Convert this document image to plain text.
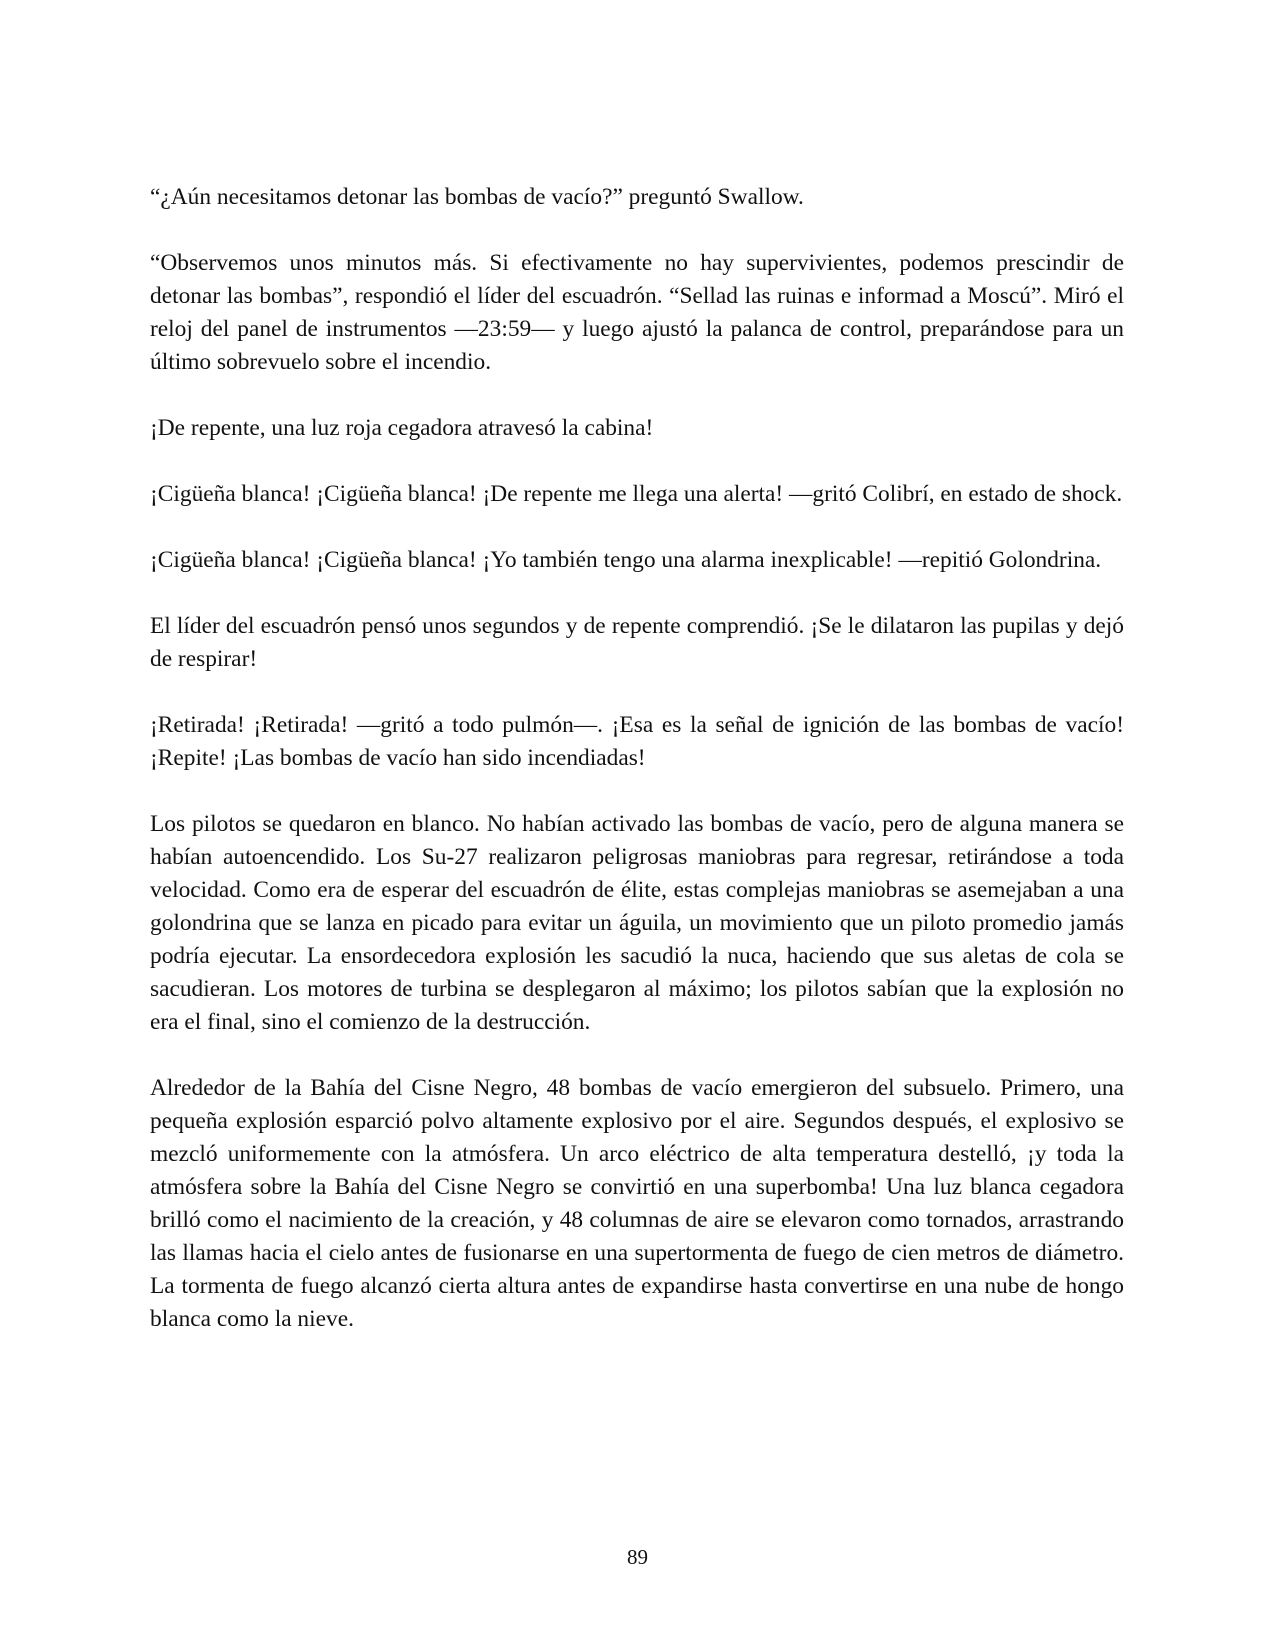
“¿Aún necesitamos detonar las bombas de vacío?” preguntó Swallow.

“Observemos unos minutos más. Si efectivamente no hay supervivientes, podemos prescindir de detonar las bombas”, respondió el líder del escuadrón. “Sellad las ruinas e informad a Moscú”. Miró el reloj del panel de instrumentos —23:59— y luego ajustó la palanca de control, preparándose para un último sobrevuelo sobre el incendio.

¡De repente, una luz roja cegadora atravesó la cabina!

¡Cigüeña blanca! ¡Cigüeña blanca! ¡De repente me llega una alerta! —gritó Colibrí, en estado de shock.

¡Cigüeña blanca! ¡Cigüeña blanca! ¡Yo también tengo una alarma inexplicable! —repitió Golondrina.

El líder del escuadrón pensó unos segundos y de repente comprendió. ¡Se le dilataron las pupilas y dejó de respirar!

¡Retirada! ¡Retirada! —gritó a todo pulmón—. ¡Esa es la señal de ignición de las bombas de vacío! ¡Repite! ¡Las bombas de vacío han sido incendiadas!

Los pilotos se quedaron en blanco. No habían activado las bombas de vacío, pero de alguna manera se habían autoencendido. Los Su-27 realizaron peligrosas maniobras para regresar, retirándose a toda velocidad. Como era de esperar del escuadrón de élite, estas complejas maniobras se asemejaban a una golondrina que se lanza en picado para evitar un águila, un movimiento que un piloto promedio jamás podría ejecutar. La ensordecedora explosión les sacudió la nuca, haciendo que sus aletas de cola se sacudieran. Los motores de turbina se desplegaron al máximo; los pilotos sabían que la explosión no era el final, sino el comienzo de la destrucción.

Alrededor de la Bahía del Cisne Negro, 48 bombas de vacío emergieron del subsuelo. Primero, una pequeña explosión esparció polvo altamente explosivo por el aire. Segundos después, el explosivo se mezcló uniformemente con la atmósfera. Un arco eléctrico de alta temperatura destelló, ¡y toda la atmósfera sobre la Bahía del Cisne Negro se convirtió en una superbomba! Una luz blanca cegadora brilló como el nacimiento de la creación, y 48 columnas de aire se elevaron como tornados, arrastrando las llamas hacia el cielo antes de fusionarse en una supertormenta de fuego de cien metros de diámetro. La tormenta de fuego alcanzó cierta altura antes de expandirse hasta convertirse en una nube de hongo blanca como la nieve.

89
